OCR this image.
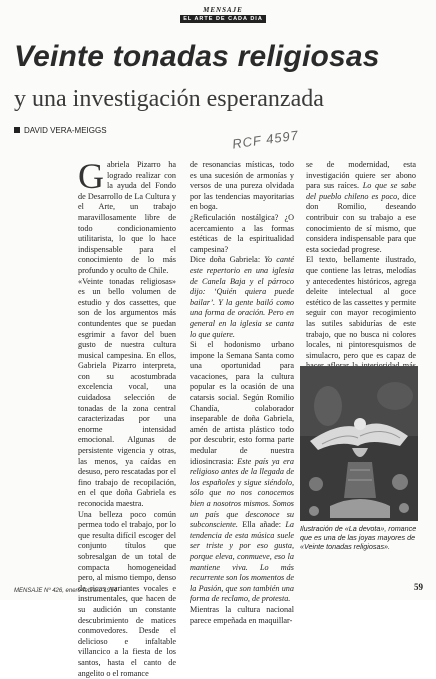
MENSAJE
EL ARTE DE CADA DIA
Veinte tonadas religiosas
y una investigación esperanzada
DAVID VERA-MEIGGS	RCF 4597

Gabriela Pizarro ha logrado realizar con la ayuda del Fondo de Desarrollo de La Cultura y el Arte, un trabajo maravillosamente libre de todo condicionamiento utilitarista, lo que lo hace indispensable para el conocimiento de lo más profundo y oculto de Chile.

«Veinte tonadas religiosas» es un bello volumen de estudio y dos cassettes, que son de los argumentos más contundentes que se puedan esgrimir a favor del buen gusto de nuestra cultura musical campesina. En ellos, Gabriela Pizarro interpreta, con su acostumbrada excelencia vocal, una cuidadosa selección de tonadas de la zona central caracterizadas por una enorme intensidad emocional. Algunas de persistente vigencia y otras, las menos, ya caídas en desuso, pero rescatadas por el fino trabajo de recopilación, en el que doña Gabriela es reconocida maestra.

Una belleza poco común permea todo el trabajo, por lo que resulta difícil escoger del conjunto títulos que sobresalgan de un total de compacta homogeneidad pero, al mismo tiempo, denso de ricas variantes vocales e instrumentales, que hacen de su audición un constante descubrimiento de matices conmovedores. Desde el delicioso e infaltable villancico a la fiesta de los santos, hasta el canto de angelito o el romance

de resonancias místicas, todo es una sucesión de armonías y versos de una pureza olvidada por las tendencias mayoritarias en boga.

¿Reficulación nostálgica? ¿O acercamiento a las formas estéticas de la espiritualidad campesina?

Dice doña Gabriela: Yo canté este repertorio en una iglesia de Canela Baja y el párroco dijo: ‘Quién quiera puede bailar’. Y la gente bailó como una forma de oración. Pero en general en la iglesia se canta lo que quiere.

Si el hodonismo urbano impone la Semana Santa como una oportunidad para vacaciones, para la cultura popular es la ocasión de una catarsis social. Según Romilio Chandía, colaborador inseparable de doña Gabriela, amén de artista plástico todo por descubrir, esto forma parte medular de nuestra idiosincrasia: Este país ya era religioso antes de la llegada de los españoles y sigue siéndolo, sólo que no nos conocemos bien a nosotros mismos. Somos un país que desconoce su subconsciente. Ella añade: La tendencia de esta música suele ser triste y por eso gusta, porque eleva, conmueve, eso la mantiene viva. Lo más recurrente son los momentos de la Pasión, que son también una forma de reclamo, de protesta.

Mientras la cultura nacional parece empeñada en maquillar-

se de modernidad, esta investigación quiere ser abono para sus raíces. Lo que se sabe del pueblo chileno es poco, dice don Romilio, deseando contribuir con su trabajo a ese conocimiento de sí mismo, que considera indispensable para que esta sociedad progrese.

El texto, bellamente ilustrado, que contiene las letras, melodías y antecedentes históricos, agrega deleite intelectual al goce estético de las cassettes y permite seguir con mayor recogimiento las sutiles sabidurías de este trabajo, que no busca ni colores locales, ni pintoresquismos de simulacro, pero que es capaz de

Ilustración de «La devota», romance que es una de las joyas mayores de «Veinte tonadas religiosas».
MENSAJE Nº 426, enero-febrero 1994	59
